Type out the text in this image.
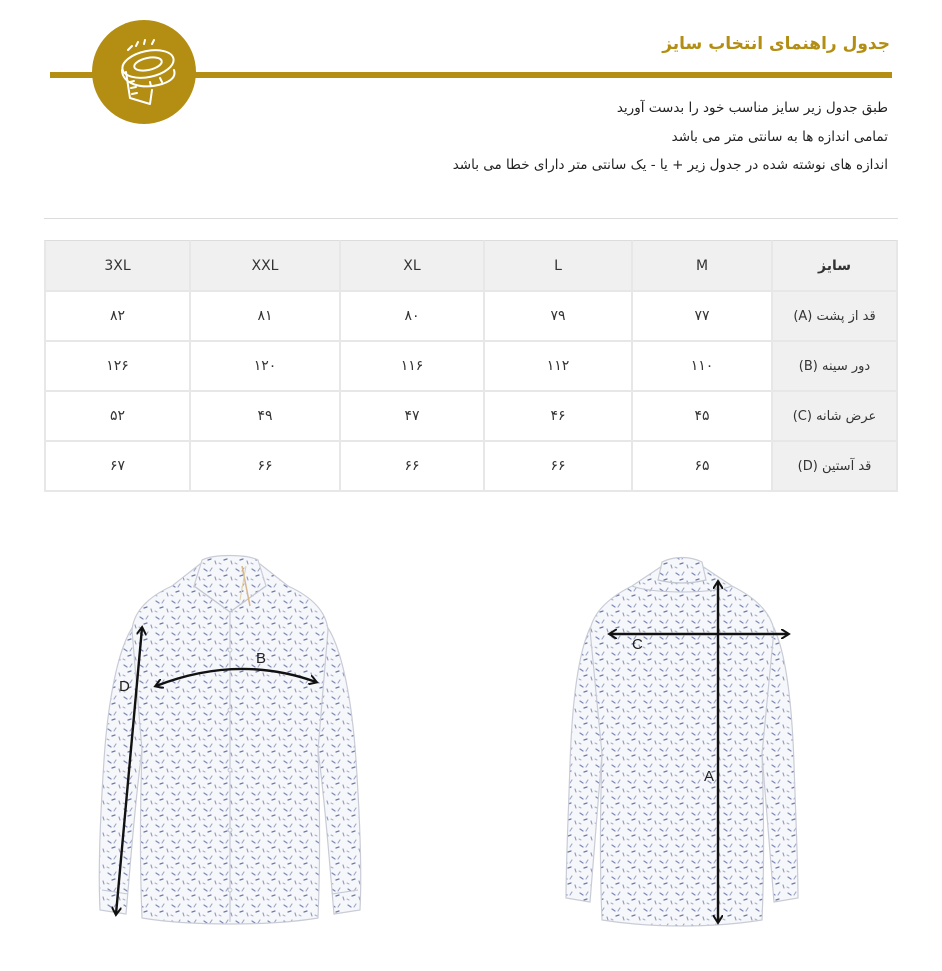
جدول راهنمای انتخاب سایز

طبق جدول زیر سایز مناسب خود را بدست آورید

تمامی اندازه ها به سانتی متر می باشد

اندازه های نوشته شده در جدول زیر + یا - یک سانتی متر دارای خطا می باشد

سایز	M	L	XL	XXL	3XL
قد از پشت (A)	۷۷	۷۹	۸۰	۸۱	۸۲
دور سینه (B)	۱۱۰	۱۱۲	۱۱۶	۱۲۰	۱۲۶
عرض شانه (C)	۴۵	۴۶	۴۷	۴۹	۵۲
قد آستین (D)	۶۵	۶۶	۶۶	۶۶	۶۷
B
D
C
A
